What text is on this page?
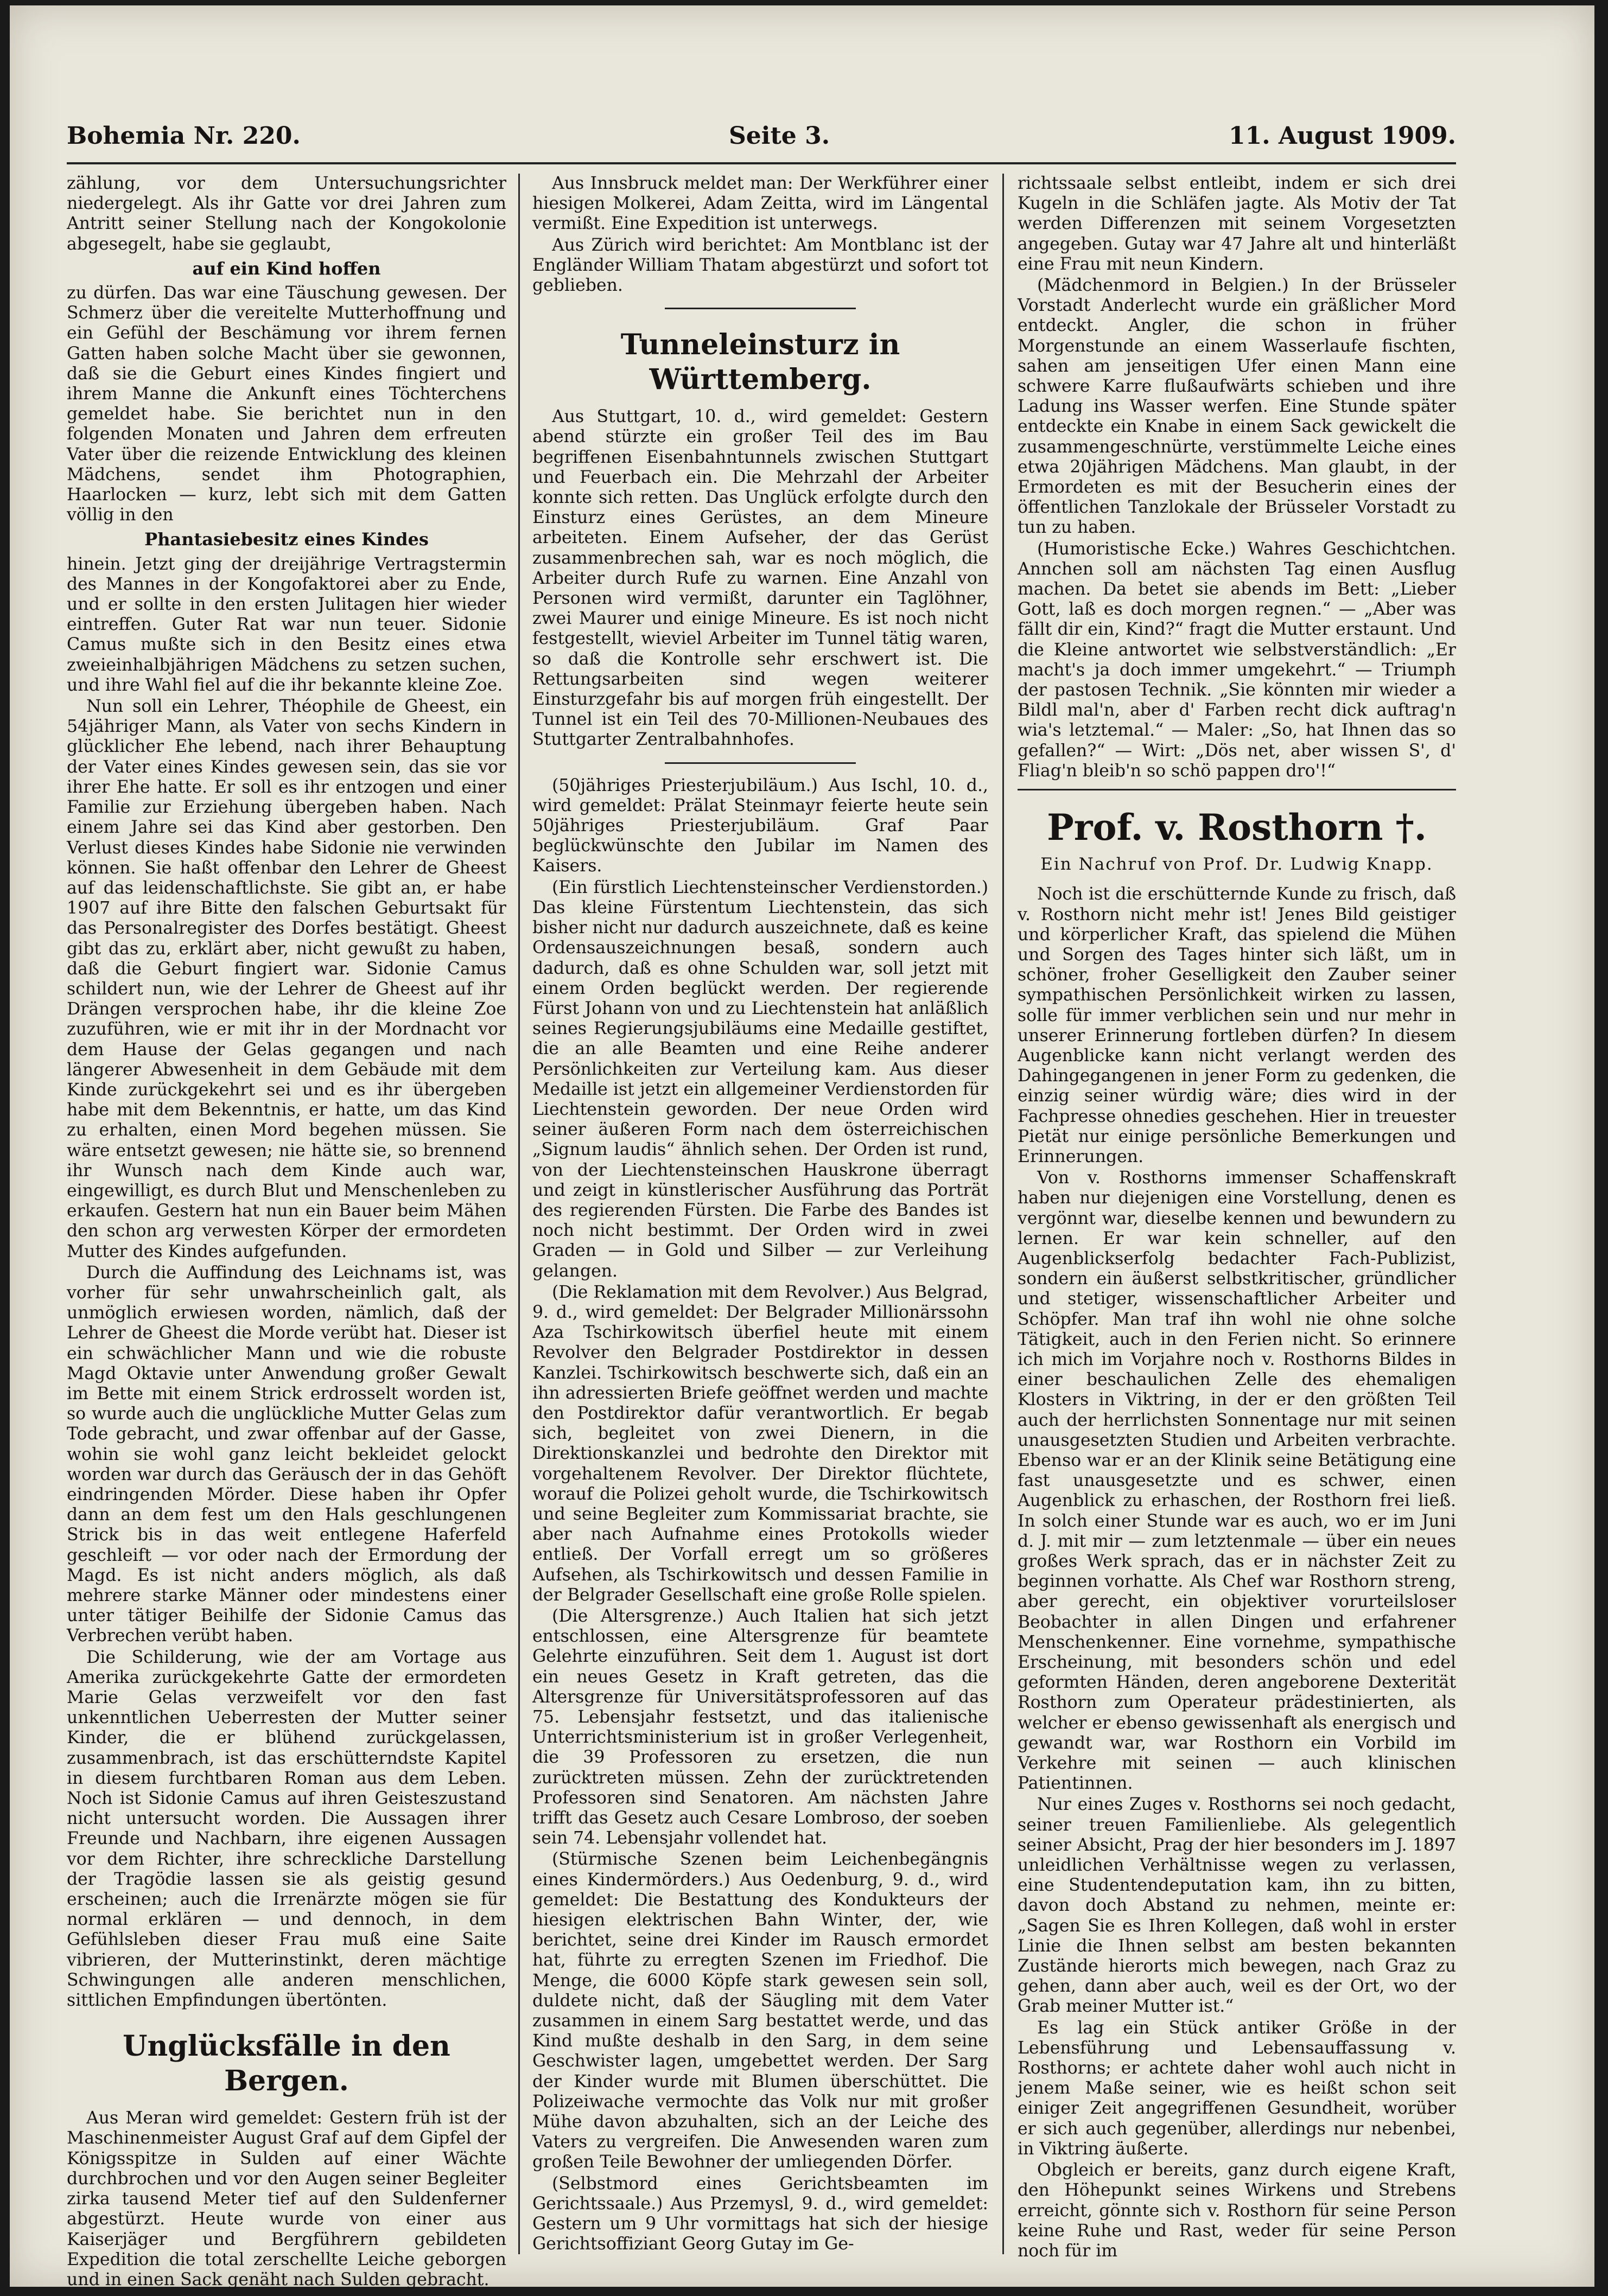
Bohemia Nr. 220.	Seite 3.	11. August 1909.

zählung, vor dem Untersuchungsrichter niedergelegt. Als ihr Gatte vor drei Jahren zum Antritt seiner Stellung nach der Kongokolonie abgesegelt, habe sie geglaubt,

auf ein Kind hoffen

zu dürfen. Das war eine Täuschung gewesen. Der Schmerz über die vereitelte Mutterhoffnung und ein Gefühl der Beschämung vor ihrem fernen Gatten haben solche Macht über sie gewonnen, daß sie die Geburt eines Kindes fingiert und ihrem Manne die Ankunft eines Töchterchens gemeldet habe. Sie berichtet nun in den folgenden Monaten und Jahren dem erfreuten Vater über die reizende Entwicklung des kleinen Mädchens, sendet ihm Photographien, Haarlocken — kurz, lebt sich mit dem Gatten völlig in den

Phantasiebesitz eines Kindes

hinein. Jetzt ging der dreijährige Vertragstermin des Mannes in der Kongofaktorei aber zu Ende, und er sollte in den ersten Julitagen hier wieder eintreffen. Guter Rat war nun teuer. Sidonie Camus mußte sich in den Besitz eines etwa zweieinhalbjährigen Mädchens zu setzen suchen, und ihre Wahl fiel auf die ihr bekannte kleine Zoe.

Nun soll ein Lehrer, Théophile de Gheest, ein 54jähriger Mann, als Vater von sechs Kindern in glücklicher Ehe lebend, nach ihrer Behauptung der Vater eines Kindes gewesen sein, das sie vor ihrer Ehe hatte. Er soll es ihr entzogen und einer Familie zur Erziehung übergeben haben. Nach einem Jahre sei das Kind aber gestorben. Den Verlust dieses Kindes habe Sidonie nie verwinden können. Sie haßt offenbar den Lehrer de Gheest auf das leidenschaftlichste. Sie gibt an, er habe 1907 auf ihre Bitte den falschen Geburtsakt für das Personalregister des Dorfes bestätigt. Gheest gibt das zu, erklärt aber, nicht gewußt zu haben, daß die Geburt fingiert war. Sidonie Camus schildert nun, wie der Lehrer de Gheest auf ihr Drängen versprochen habe, ihr die kleine Zoe zuzuführen, wie er mit ihr in der Mordnacht vor dem Hause der Gelas gegangen und nach längerer Abwesenheit in dem Gebäude mit dem Kinde zurückgekehrt sei und es ihr übergeben habe mit dem Bekenntnis, er hatte, um das Kind zu erhalten, einen Mord begehen müssen. Sie wäre entsetzt gewesen; nie hätte sie, so brennend ihr Wunsch nach dem Kinde auch war, eingewilligt, es durch Blut und Menschenleben zu erkaufen. Gestern hat nun ein Bauer beim Mähen den schon arg verwesten Körper der ermordeten Mutter des Kindes aufgefunden.

Durch die Auffindung des Leichnams ist, was vorher für sehr unwahrscheinlich galt, als unmöglich erwiesen worden, nämlich, daß der Lehrer de Gheest die Morde verübt hat. Dieser ist ein schwächlicher Mann und wie die robuste Magd Oktavie unter Anwendung großer Gewalt im Bette mit einem Strick erdrosselt worden ist, so wurde auch die unglückliche Mutter Gelas zum Tode gebracht, und zwar offenbar auf der Gasse, wohin sie wohl ganz leicht bekleidet gelockt worden war durch das Geräusch der in das Gehöft eindringenden Mörder. Diese haben ihr Opfer dann an dem fest um den Hals geschlungenen Strick bis in das weit entlegene Haferfeld geschleift — vor oder nach der Ermordung der Magd. Es ist nicht anders möglich, als daß mehrere starke Männer oder mindestens einer unter tätiger Beihilfe der Sidonie Camus das Verbrechen verübt haben.

Die Schilderung, wie der am Vortage aus Amerika zurückgekehrte Gatte der ermordeten Marie Gelas verzweifelt vor den fast unkenntlichen Ueberresten der Mutter seiner Kinder, die er blühend zurückgelassen, zusammenbrach, ist das erschütterndste Kapitel in diesem furchtbaren Roman aus dem Leben. Noch ist Sidonie Camus auf ihren Geisteszustand nicht untersucht worden. Die Aussagen ihrer Freunde und Nachbarn, ihre eigenen Aussagen vor dem Richter, ihre schreckliche Darstellung der Tragödie lassen sie als geistig gesund erscheinen; auch die Irrenärzte mögen sie für normal erklären — und dennoch, in dem Gefühlsleben dieser Frau muß eine Saite vibrieren, der Mutterinstinkt, deren mächtige Schwingungen alle anderen menschlichen, sittlichen Empfindungen übertönten.

Unglücksfälle in den Bergen.

Aus Meran wird gemeldet: Gestern früh ist der Maschinenmeister August Graf auf dem Gipfel der Königsspitze in Sulden auf einer Wächte durchbrochen und vor den Augen seiner Begleiter zirka tausend Meter tief auf den Suldenferner abgestürzt. Heute wurde von einer aus Kaiserjäger und Bergführern gebildeten Expedition die total zerschellte Leiche geborgen und in einen Sack genäht nach Sulden gebracht.

Aus Innsbruck meldet man: Der Werkführer einer hiesigen Molkerei, Adam Zeitta, wird im Längental vermißt. Eine Expedition ist unterwegs.

Aus Zürich wird berichtet: Am Montblanc ist der Engländer William Thatam abgestürzt und sofort tot geblieben.

Tunneleinsturz in Württemberg.

Aus Stuttgart, 10. d., wird gemeldet: Gestern abend stürzte ein großer Teil des im Bau begriffenen Eisenbahntunnels zwischen Stuttgart und Feuerbach ein. Die Mehrzahl der Arbeiter konnte sich retten. Das Unglück erfolgte durch den Einsturz eines Gerüstes, an dem Mineure arbeiteten. Einem Aufseher, der das Gerüst zusammenbrechen sah, war es noch möglich, die Arbeiter durch Rufe zu warnen. Eine Anzahl von Personen wird vermißt, darunter ein Taglöhner, zwei Maurer und einige Mineure. Es ist noch nicht festgestellt, wieviel Arbeiter im Tunnel tätig waren, so daß die Kontrolle sehr erschwert ist. Die Rettungsarbeiten sind wegen weiterer Einsturzgefahr bis auf morgen früh eingestellt. Der Tunnel ist ein Teil des 70-Millionen-Neubaues des Stuttgarter Zentralbahnhofes.

(50jähriges Priesterjubiläum.) Aus Ischl, 10. d., wird gemeldet: Prälat Steinmayr feierte heute sein 50jähriges Priesterjubiläum. Graf Paar beglückwünschte den Jubilar im Namen des Kaisers.

(Ein fürstlich Liechtensteinscher Verdienstorden.) Das kleine Fürstentum Liechtenstein, das sich bisher nicht nur dadurch auszeichnete, daß es keine Ordensauszeichnungen besaß, sondern auch dadurch, daß es ohne Schulden war, soll jetzt mit einem Orden beglückt werden. Der regierende Fürst Johann von und zu Liechtenstein hat anläßlich seines Regierungsjubiläums eine Medaille gestiftet, die an alle Beamten und eine Reihe anderer Persönlichkeiten zur Verteilung kam. Aus dieser Medaille ist jetzt ein allgemeiner Verdienstorden für Liechtenstein geworden. Der neue Orden wird seiner äußeren Form nach dem österreichischen „Signum laudis“ ähnlich sehen. Der Orden ist rund, von der Liechtensteinschen Hauskrone überragt und zeigt in künstlerischer Ausführung das Porträt des regierenden Fürsten. Die Farbe des Bandes ist noch nicht bestimmt. Der Orden wird in zwei Graden — in Gold und Silber — zur Verleihung gelangen.

(Die Reklamation mit dem Revolver.) Aus Belgrad, 9. d., wird gemeldet: Der Belgrader Millionärssohn Aza Tschirkowitsch überfiel heute mit einem Revolver den Belgrader Postdirektor in dessen Kanzlei. Tschirkowitsch beschwerte sich, daß ein an ihn adressierten Briefe geöffnet werden und machte den Postdirektor dafür verantwortlich. Er begab sich, begleitet von zwei Dienern, in die Direktionskanzlei und bedrohte den Direktor mit vorgehaltenem Revolver. Der Direktor flüchtete, worauf die Polizei geholt wurde, die Tschirkowitsch und seine Begleiter zum Kommissariat brachte, sie aber nach Aufnahme eines Protokolls wieder entließ. Der Vorfall erregt um so größeres Aufsehen, als Tschirkowitsch und dessen Familie in der Belgrader Gesellschaft eine große Rolle spielen.

(Die Altersgrenze.) Auch Italien hat sich jetzt entschlossen, eine Altersgrenze für beamtete Gelehrte einzuführen. Seit dem 1. August ist dort ein neues Gesetz in Kraft getreten, das die Altersgrenze für Universitätsprofessoren auf das 75. Lebensjahr festsetzt, und das italienische Unterrichtsministerium ist in großer Verlegenheit, die 39 Professoren zu ersetzen, die nun zurücktreten müssen. Zehn der zurücktretenden Professoren sind Senatoren. Am nächsten Jahre trifft das Gesetz auch Cesare Lombroso, der soeben sein 74. Lebensjahr vollendet hat.

(Stürmische Szenen beim Leichenbegängnis eines Kindermörders.) Aus Oedenburg, 9. d., wird gemeldet: Die Bestattung des Kondukteurs der hiesigen elektrischen Bahn Winter, der, wie berichtet, seine drei Kinder im Rausch ermordet hat, führte zu erregten Szenen im Friedhof. Die Menge, die 6000 Köpfe stark gewesen sein soll, duldete nicht, daß der Säugling mit dem Vater zusammen in einem Sarg bestattet werde, und das Kind mußte deshalb in den Sarg, in dem seine Geschwister lagen, umgebettet werden. Der Sarg der Kinder wurde mit Blumen überschüttet. Die Polizeiwache vermochte das Volk nur mit großer Mühe davon abzuhalten, sich an der Leiche des Vaters zu vergreifen. Die Anwesenden waren zum großen Teile Bewohner der umliegenden Dörfer.

(Selbstmord eines Gerichtsbeamten im Gerichtssaale.) Aus Przemysl, 9. d., wird gemeldet: Gestern um 9 Uhr vormittags hat sich der hiesige Gerichtsoffiziant Georg Gutay im Ge-

richtssaale selbst entleibt, indem er sich drei Kugeln in die Schläfen jagte. Als Motiv der Tat werden Differenzen mit seinem Vorgesetzten angegeben. Gutay war 47 Jahre alt und hinterläßt eine Frau mit neun Kindern.

(Mädchenmord in Belgien.) In der Brüsseler Vorstadt Anderlecht wurde ein gräßlicher Mord entdeckt. Angler, die schon in früher Morgenstunde an einem Wasserlaufe fischten, sahen am jenseitigen Ufer einen Mann eine schwere Karre flußaufwärts schieben und ihre Ladung ins Wasser werfen. Eine Stunde später entdeckte ein Knabe in einem Sack gewickelt die zusammengeschnürte, verstümmelte Leiche eines etwa 20jährigen Mädchens. Man glaubt, in der Ermordeten es mit der Besucherin eines der öffentlichen Tanzlokale der Brüsseler Vorstadt zu tun zu haben.

(Humoristische Ecke.) Wahres Geschichtchen. Annchen soll am nächsten Tag einen Ausflug machen. Da betet sie abends im Bett: „Lieber Gott, laß es doch morgen regnen.“ — „Aber was fällt dir ein, Kind?“ fragt die Mutter erstaunt. Und die Kleine antwortet wie selbstverständlich: „Er macht's ja doch immer umgekehrt.“ — Triumph der pastosen Technik. „Sie könnten mir wieder a Bildl mal'n, aber d' Farben recht dick auftrag'n wia's letztemal.“ — Maler: „So, hat Ihnen das so gefallen?“ — Wirt: „Dös net, aber wissen S', d' Fliag'n bleib'n so schö pappen dro'!“

Prof. v. Rosthorn †.
Ein Nachruf von Prof. Dr. Ludwig Knapp.

Noch ist die erschütternde Kunde zu frisch, daß v. Rosthorn nicht mehr ist! Jenes Bild geistiger und körperlicher Kraft, das spielend die Mühen und Sorgen des Tages hinter sich läßt, um in schöner, froher Geselligkeit den Zauber seiner sympathischen Persönlichkeit wirken zu lassen, solle für immer verblichen sein und nur mehr in unserer Erinnerung fortleben dürfen? In diesem Augenblicke kann nicht verlangt werden des Dahingegangenen in jener Form zu gedenken, die einzig seiner würdig wäre; dies wird in der Fachpresse ohnedies geschehen. Hier in treuester Pietät nur einige persönliche Bemerkungen und Erinnerungen.

Von v. Rosthorns immenser Schaffenskraft haben nur diejenigen eine Vorstellung, denen es vergönnt war, dieselbe kennen und bewundern zu lernen. Er war kein schneller, auf den Augenblickserfolg bedachter Fach-Publizist, sondern ein äußerst selbstkritischer, gründlicher und stetiger, wissenschaftlicher Arbeiter und Schöpfer. Man traf ihn wohl nie ohne solche Tätigkeit, auch in den Ferien nicht. So erinnere ich mich im Vorjahre noch v. Rosthorns Bildes in einer beschaulichen Zelle des ehemaligen Klosters in Viktring, in der er den größten Teil auch der herrlichsten Sonnentage nur mit seinen unausgesetzten Studien und Arbeiten verbrachte. Ebenso war er an der Klinik seine Betätigung eine fast unausgesetzte und es schwer, einen Augenblick zu erhaschen, der Rosthorn frei ließ. In solch einer Stunde war es auch, wo er im Juni d. J. mit mir — zum letztenmale — über ein neues großes Werk sprach, das er in nächster Zeit zu beginnen vorhatte. Als Chef war Rosthorn streng, aber gerecht, ein objektiver vorurteilsloser Beobachter in allen Dingen und erfahrener Menschenkenner. Eine vornehme, sympathische Erscheinung, mit besonders schön und edel geformten Händen, deren angeborene Dexterität Rosthorn zum Operateur prädestinierten, als welcher er ebenso gewissenhaft als energisch und gewandt war, war Rosthorn ein Vorbild im Verkehre mit seinen — auch klinischen Patientinnen.

Nur eines Zuges v. Rosthorns sei noch gedacht, seiner treuen Familienliebe. Als gelegentlich seiner Absicht, Prag der hier besonders im J. 1897 unleidlichen Verhältnisse wegen zu verlassen, eine Studentendeputation kam, ihn zu bitten, davon doch Abstand zu nehmen, meinte er: „Sagen Sie es Ihren Kollegen, daß wohl in erster Linie die Ihnen selbst am besten bekannten Zustände hierorts mich bewegen, nach Graz zu gehen, dann aber auch, weil es der Ort, wo der Grab meiner Mutter ist.“

Es lag ein Stück antiker Größe in der Lebensführung und Lebensauffassung v. Rosthorns; er achtete daher wohl auch nicht in jenem Maße seiner, wie es heißt schon seit einiger Zeit angegriffenen Gesundheit, worüber er sich auch gegenüber, allerdings nur nebenbei, in Viktring äußerte.

Obgleich er bereits, ganz durch eigene Kraft, den Höhepunkt seines Wirkens und Strebens erreicht, gönnte sich v. Rosthorn für seine Person keine Ruhe und Rast, weder für seine Person noch für im
